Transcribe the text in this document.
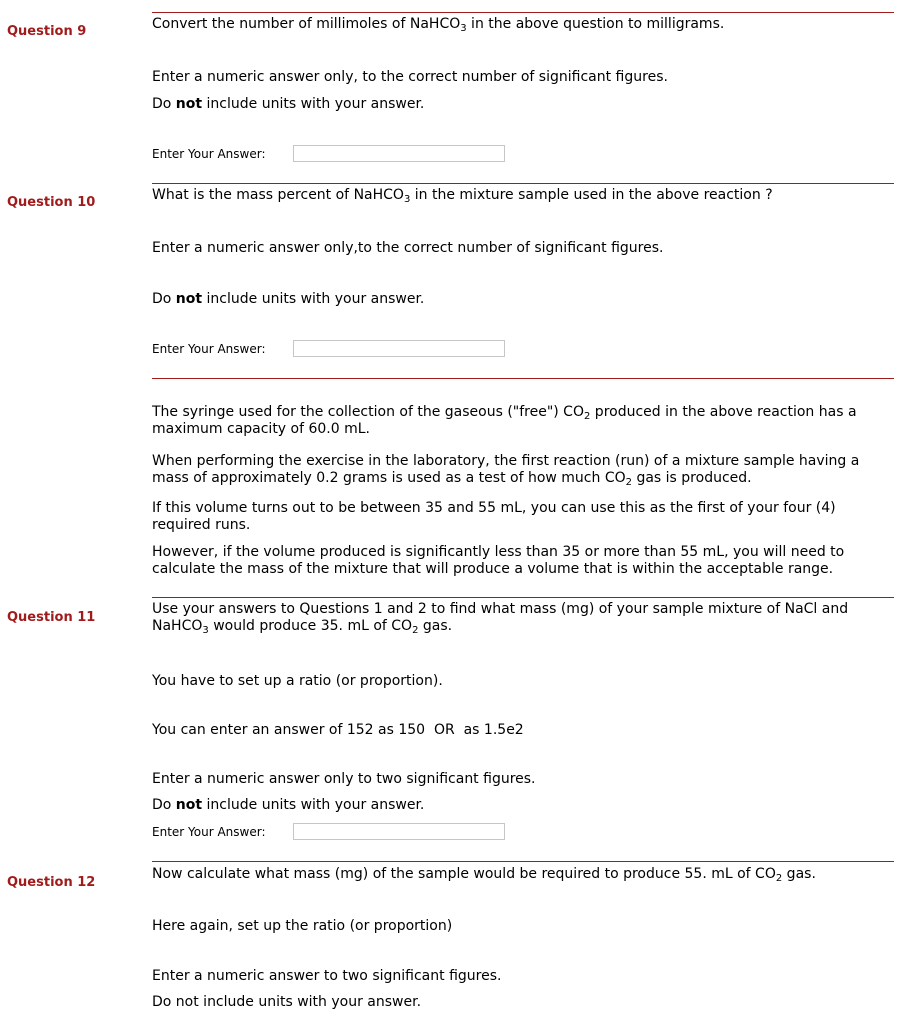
Question 9	Convert the number of millimoles of NaHCO$_3$ in the above question to milligrams.
Enter a numeric answer only, to the correct number of significant figures.
Do not include units with your answer.
Enter Your Answer:
Question 10	What is the mass percent of NaHCO$_3$ in the mixture sample used in the above reaction ?
Enter a numeric answer only,to the correct number of significant figures.
Do not include units with your answer.
Enter Your Answer:
The syringe used for the collection of the gaseous ("free") $CO_2$ produced in the above reaction has a maximum capacity of 60.0 mL.
When performing the exercise in the laboratory, the first reaction (run) of a mixture sample having a mass of approximately 0.2 grams is used as a test of how much $CO_2$ gas is produced.
If this volume turns out to be between 35 and 55 mL, you can use this as the first of your four (4) required runs.
However, if the volume produced is significantly less than 35 or more than 55 mL, you will need to calculate the mass of the mixture that will produce a volume that is within the acceptable range.
Question 11
Use your answers to Questions 1 and 2 to find what mass (mg) of your sample mixture of NaCl and NaHCO$_3$ would produce 35. mL of $CO_2$ gas.
You have to set up a ratio (or proportion).
You can enter an answer of 152 as 150  OR  as 1.5e2
Enter a numeric answer only to two significant figures.
Do not include units with your answer.
Enter Your Answer:
Question 12
Now calculate what mass (mg) of the sample would be required to produce 55. mL of $CO_2$ gas.
Here again, set up the ratio (or proportion)
Enter a numeric answer to two significant figures.
Do not include units with your answer.
